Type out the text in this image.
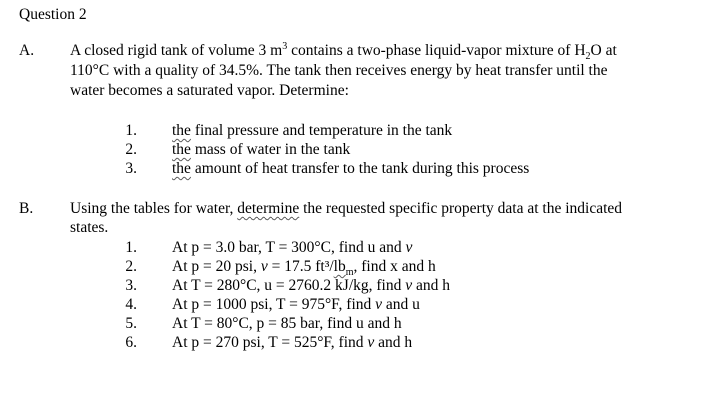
Question 2
A. A closed rigid tank of volume 3 $m^3$ contains a two-phase liquid-vapor mixture of $H_2O$ at
110°C with a quality of 34.5%. The tank then receives energy by heat transfer until the
water becomes a saturated vapor. Determine:
1. the final pressure and temperature in the tank
2. the mass of water in the tank
3. the amount of heat transfer to the tank during this process
B. Using the tables for water, determine the requested specific property data at the indicated
states.
1. At p = 3.0 bar, T = 300°C, find u and v
2. At p = 20 psi, v = 17.5 ft³/$lb_m$, find x and h
3. At T = 280°C, u = 2760.2 kJ/kg, find v and h
4. At p = 1000 psi, T = 975°F, find v and u
5. At T = 80°C, p = 85 bar, find u and h
6. At p = 270 psi, T = 525°F, find v and h
